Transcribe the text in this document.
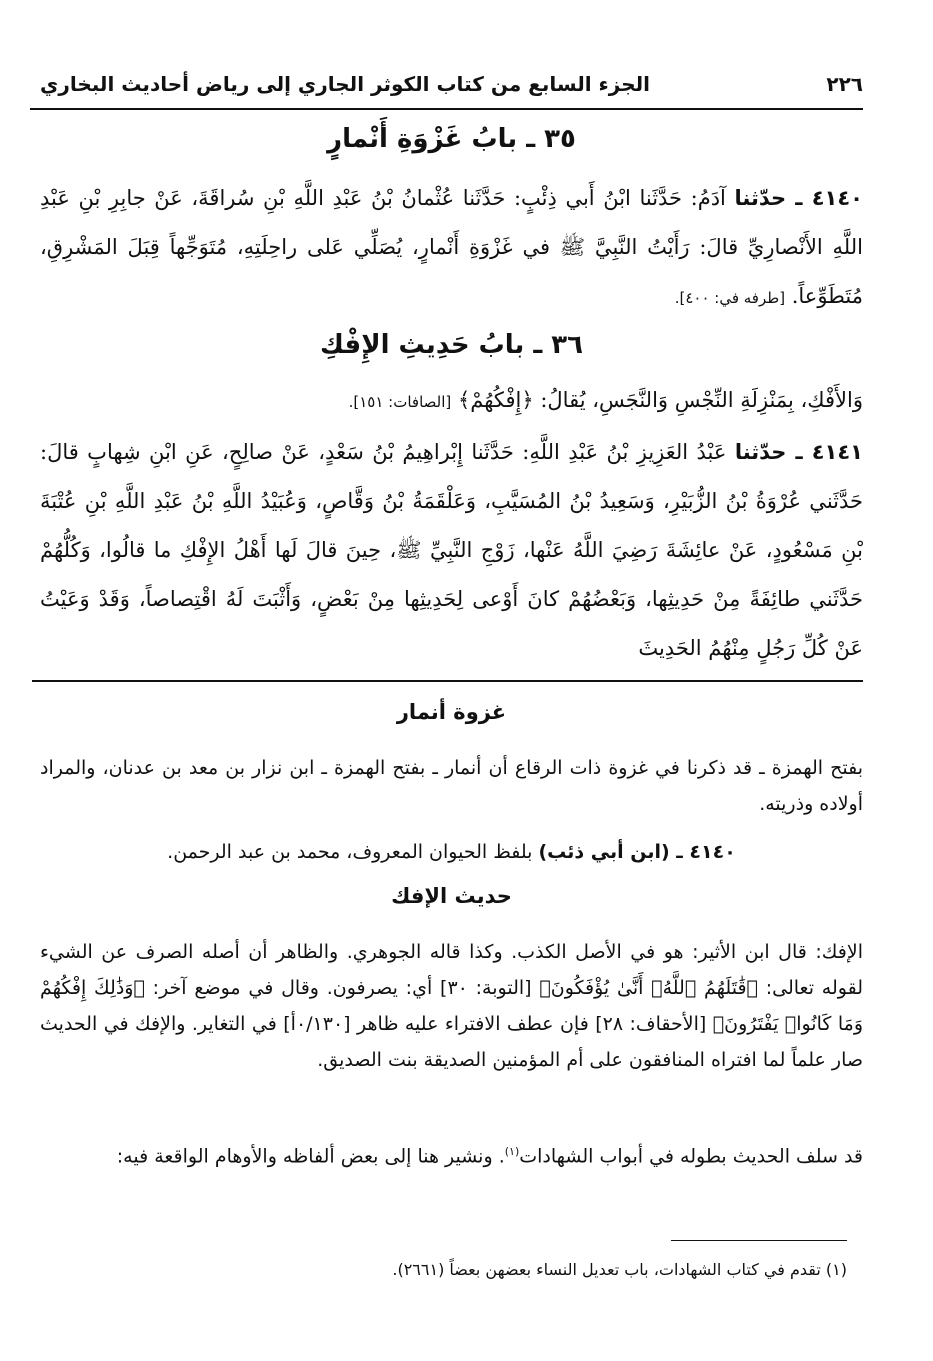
٢٢٦
الجزء السابع من كتاب الكوثر الجاري إلى رياض أحاديث البخاري
٣٥ ـ بابُ غَزْوَةِ أَنْمارٍ
٤١٤٠ ـ حدّثنا آدَمُ: حَدَّثَنا ابْنُ أَبي ذِئْبٍ: حَدَّثَنا عُثْمانُ بْنُ عَبْدِ اللَّهِ بْنِ سُراقَةَ، عَنْ جابِرِ بْنِ عَبْدِ اللَّهِ الأَنْصارِيِّ قالَ: رَأَيْتُ النَّبِيَّ ﷺ في غَزْوَةِ أَنْمارٍ، يُصَلِّي عَلى راحِلَتِهِ، مُتَوَجِّهاً قِبَلَ المَشْرِقِ، مُتَطَوِّعاً. [طرفه في: ٤٠٠].
٣٦ ـ بابُ حَدِيثِ الإِفْكِ
وَالأَفْكِ، بِمَنْزِلَةِ النِّجْسِ وَالنَّجَسِ، يُقالُ: ﴿إِفْكُهُمْ﴾ [الصافات: ١٥١].
٤١٤١ ـ حدّثنا عَبْدُ العَزِيزِ بْنُ عَبْدِ اللَّهِ: حَدَّثَنا إِبْراهِيمُ بْنُ سَعْدٍ، عَنْ صالِحٍ، عَنِ ابْنِ شِهابٍ قالَ: حَدَّثَني عُرْوَةُ بْنُ الزُّبَيْرِ، وَسَعِيدُ بْنُ المُسَيَّبِ، وَعَلْقَمَةُ بْنُ وَقَّاصٍ، وَعُبَيْدُ اللَّهِ بْنُ عَبْدِ اللَّهِ بْنِ عُتْبَةَ بْنِ مَسْعُودٍ، عَنْ عائِشَةَ رَضِيَ اللَّهُ عَنْها، زَوْجِ النَّبِيِّ ﷺ، حِينَ قالَ لَها أَهْلُ الإِفْكِ ما قالُوا، وَكُلُّهُمْ حَدَّثَني طائِفَةً مِنْ حَدِيثِها، وَبَعْضُهُمْ كانَ أَوْعى لِحَدِيثِها مِنْ بَعْضٍ، وَأَثْبَتَ لَهُ اقْتِصاصاً، وَقَدْ وَعَيْتُ عَنْ كُلِّ رَجُلٍ مِنْهُمُ الحَدِيثَ
غزوة أنمار
بفتح الهمزة ـ قد ذكرنا في غزوة ذات الرقاع أن أنمار ـ بفتح الهمزة ـ ابن نزار بن معد بن عدنان، والمراد أولاده وذريته.
٤١٤٠ ـ (ابن أبي ذئب) بلفظ الحيوان المعروف، محمد بن عبد الرحمن.
حديث الإفك
الإفك: قال ابن الأثير: هو في الأصل الكذب. وكذا قاله الجوهري. والظاهر أن أصله الصرف عن الشيء لقوله تعالى: ﴿قَٰتَلَهُمُ ٱللَّهُۖ أَنَّىٰ يُؤْفَكُونَ﴾ [التوبة: ٣٠] أي: يصرفون. وقال في موضع آخر: ﴿وَذَٰلِكَ إِفْكُهُمْ وَمَا كَانُوا۟ يَفْتَرُونَ﴾ [الأحقاف: ٢٨] فإن عطف الافتراء عليه ظاهر [٠/١٣٠أ] في التغاير. والإفك في الحديث صار علماً لما افتراه المنافقون على أم المؤمنين الصديقة بنت الصديق.
قد سلف الحديث بطوله في أبواب الشهادات$^{(١)}$. ونشير هنا إلى بعض ألفاظه والأوهام الواقعة فيه:
(١) تقدم في كتاب الشهادات، باب تعديل النساء بعضهن بعضاً (٢٦٦١).
